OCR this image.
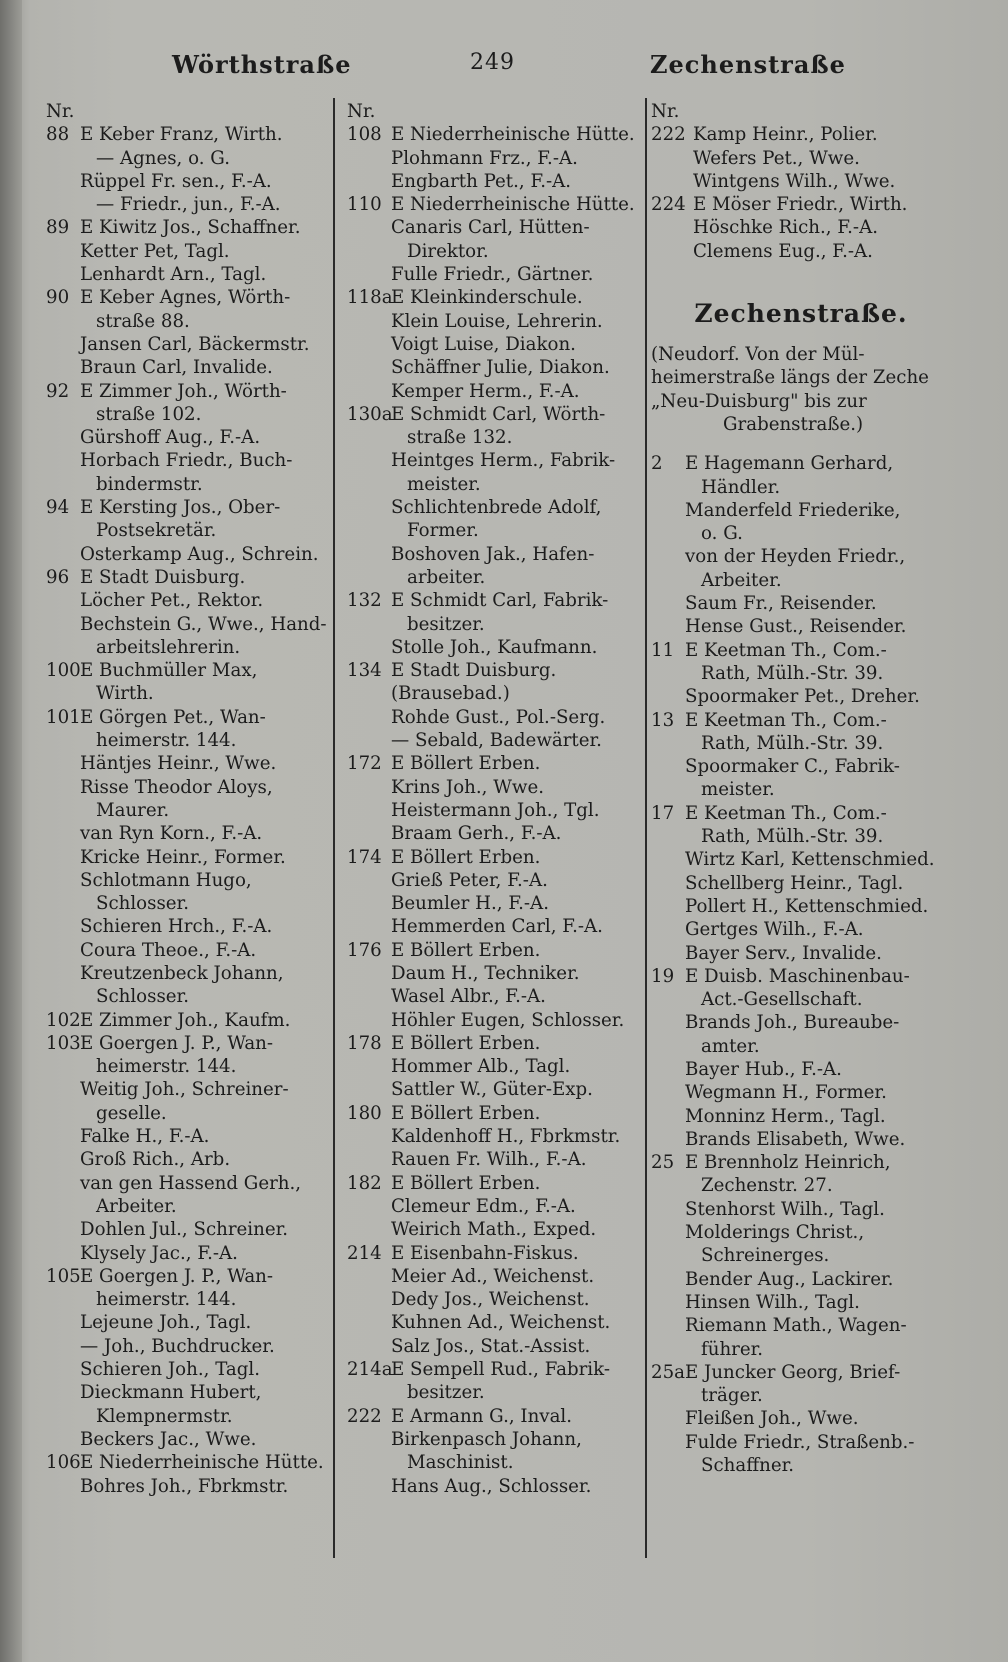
Wörthstraße	249	Zechenstraße
Nr.
88 E Keber Franz, Wirth.
— Agnes, o. G.
Rüppel Fr. sen., F.-A.
— Friedr., jun., F.-A.
89 E Kiwitz Jos., Schaffner.
Ketter Pet, Tagl.
Lenhardt Arn., Tagl.
90 E Keber Agnes, Wörth-
straße 88.
Jansen Carl, Bäckermstr.
Braun Carl, Invalide.
92 E Zimmer Joh., Wörth-
straße 102.
Gürshoff Aug., F.-A.
Horbach Friedr., Buch-
bindermstr.
94 E Kersting Jos., Ober-
Postsekretär.
Osterkamp Aug., Schrein.
96 E Stadt Duisburg.
Löcher Pet., Rektor.
Bechstein G., Wwe., Hand-
arbeitslehrerin.
100 E Buchmüller Max,
Wirth.
101 E Görgen Pet., Wan-
heimerstr. 144.
Häntjes Heinr., Wwe.
Risse Theodor Aloys,
Maurer.
van Ryn Korn., F.-A.
Kricke Heinr., Former.
Schlotmann Hugo,
Schlosser.
Schieren Hrch., F.-A.
Coura Theoe., F.-A.
Kreutzenbeck Johann,
Schlosser.
102 E Zimmer Joh., Kaufm.
103 E Goergen J. P., Wan-
heimerstr. 144.
Weitig Joh., Schreiner-
geselle.
Falke H., F.-A.
Groß Rich., Arb.
van gen Hassend Gerh.,
Arbeiter.
Dohlen Jul., Schreiner.
Klysely Jac., F.-A.
105 E Goergen J. P., Wan-
heimerstr. 144.
Lejeune Joh., Tagl.
— Joh., Buchdrucker.
Schieren Joh., Tagl.
Dieckmann Hubert,
Klempnermstr.
Beckers Jac., Wwe.
106 E Niederrheinische Hütte.
Bohres Joh., Fbrkmstr.
Nr.
108 E Niederrheinische Hütte.
Plohmann Frz., F.-A.
Engbarth Pet., F.-A.
110 E Niederrheinische Hütte.
Canaris Carl, Hütten-
Direktor.
Fulle Friedr., Gärtner.
118a
E Kleinkinderschule.
Klein Louise, Lehrerin.
Voigt Luise, Diakon.
Schäffner Julie, Diakon.
Kemper Herm., F.-A.
130a
E Schmidt Carl, Wörth-
straße 132.
Heintges Herm., Fabrik-
meister.
Schlichtenbrede Adolf,
Former.
Boshoven Jak., Hafen-
arbeiter.
132 E Schmidt Carl, Fabrik-
besitzer.
Stolle Joh., Kaufmann.
134 E Stadt Duisburg.
(Brausebad.)
Rohde Gust., Pol.-Serg.
— Sebald, Badewärter.
172 E Böllert Erben.
Krins Joh., Wwe.
Heistermann Joh., Tgl.
Braam Gerh., F.-A.
174 E Böllert Erben.
Grieß Peter, F.-A.
Beumler H., F.-A.
Hemmerden Carl, F.-A.
176 E Böllert Erben.
Daum H., Techniker.
Wasel Albr., F.-A.
Höhler Eugen, Schlosser.
178 E Böllert Erben.
Hommer Alb., Tagl.
Sattler W., Güter-Exp.
180 E Böllert Erben.
Kaldenhoff H., Fbrkmstr.
Rauen Fr. Wilh., F.-A.
182 E Böllert Erben.
Clemeur Edm., F.-A.
Weirich Math., Exped.
214 E Eisenbahn-Fiskus.
Meier Ad., Weichenst.
Dedy Jos., Weichenst.
Kuhnen Ad., Weichenst.
Salz Jos., Stat.-Assist.
214a
E Sempell Rud., Fabrik-
besitzer.
222 E Armann G., Inval.
Birkenpasch Johann,
Maschinist.
Hans Aug., Schlosser.
Nr.
222 Kamp Heinr., Polier.
Wefers Pet., Wwe.
Wintgens Wilh., Wwe.
224 E Möser Friedr., Wirth.
Höschke Rich., F.-A.
Clemens Eug., F.-A.
Zechenstraße.
(Neudorf. Von der Mül-
heimerstraße längs der Zeche
„Neu-Duisburg" bis zur
Grabenstraße.)
2 E Hagemann Gerhard,
Händler.
Manderfeld Friederike,
o. G.
von der Heyden Friedr.,
Arbeiter.
Saum Fr., Reisender.
Hense Gust., Reisender.
11 E Keetman Th., Com.-
Rath, Mülh.-Str. 39.
Spoormaker Pet., Dreher.
13 E Keetman Th., Com.-
Rath, Mülh.-Str. 39.
Spoormaker C., Fabrik-
meister.
17 E Keetman Th., Com.-
Rath, Mülh.-Str. 39.
Wirtz Karl, Kettenschmied.
Schellberg Heinr., Tagl.
Pollert H., Kettenschmied.
Gertges Wilh., F.-A.
Bayer Serv., Invalide.
19 E Duisb. Maschinenbau-
Act.-Gesellschaft.
Brands Joh., Bureaube-
amter.
Bayer Hub., F.-A.
Wegmann H., Former.
Monninz Herm., Tagl.
Brands Elisabeth, Wwe.
25 E Brennholz Heinrich,
Zechenstr. 27.
Stenhorst Wilh., Tagl.
Molderings Christ.,
Schreinerges.
Bender Aug., Lackirer.
Hinsen Wilh., Tagl.
Riemann Math., Wagen-
führer.
25a E Juncker Georg, Brief-
träger.
Fleißen Joh., Wwe.
Fulde Friedr., Straßenb.-
Schaffner.
